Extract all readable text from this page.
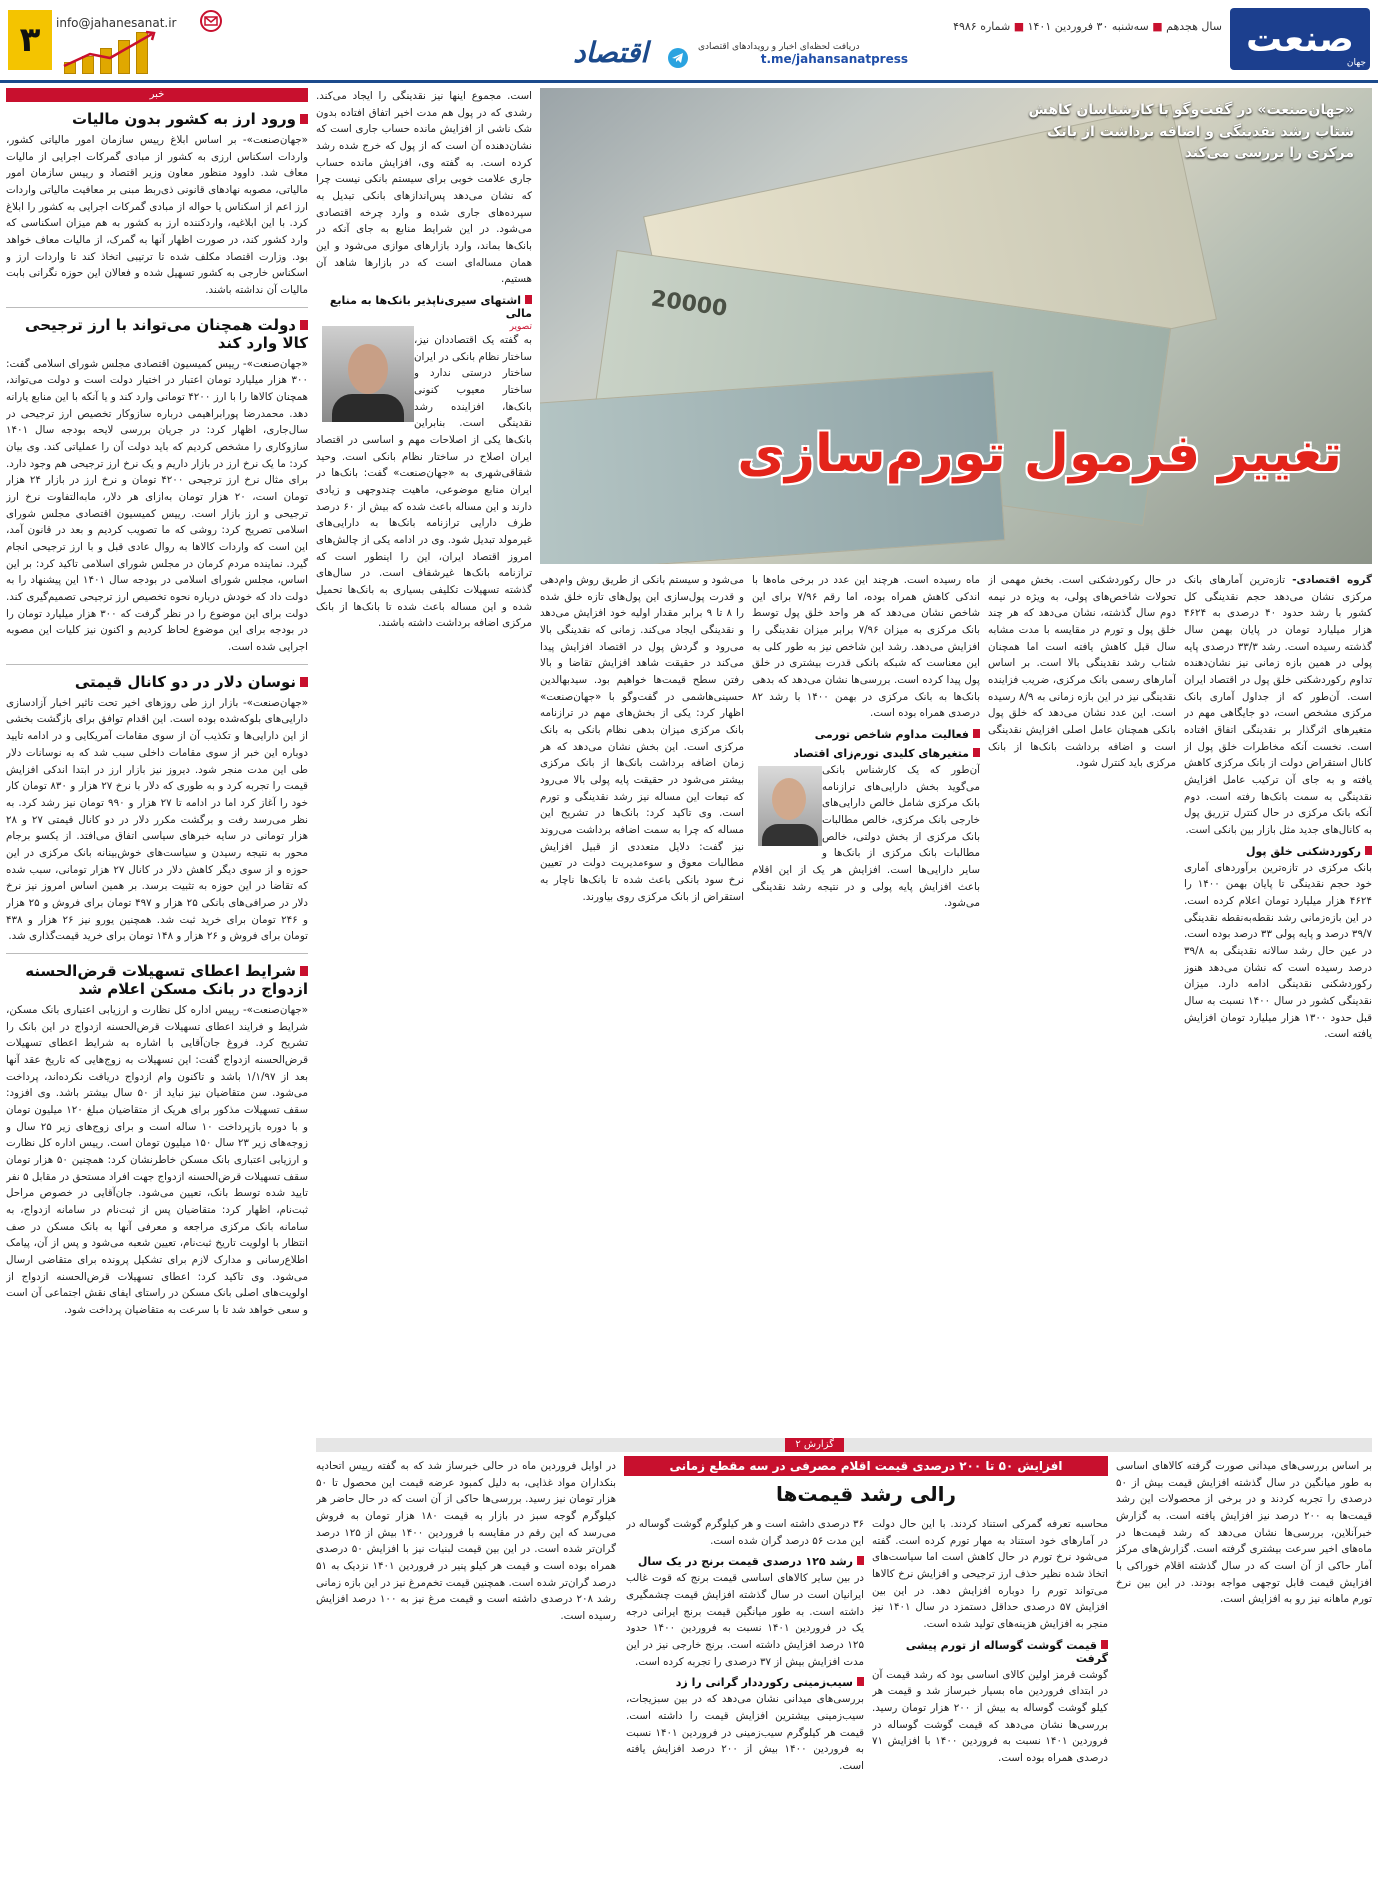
صنعت
جهان
سال هجدهم ■ سه‌شنبه ۳۰ فروردین ۱۴۰۱ ■ شماره ۴۹۸۶
دریافت لحظه‌ای اخبار و رویدادهای اقتصادی
t.me/jahansanatpress
اقتصاد
info@jahanesanat.ir
۳
خبر
ورود ارز به کشور بدون مالیات
«جهان‌صنعت»- بر اساس ابلاغ رییس سازمان امور مالیاتی کشور، واردات اسکناس ارزی به کشور از مبادی گمرکات اجرایی از مالیات معاف شد. داوود منظور معاون وزیر اقتصاد و رییس سازمان امور مالیاتی، مصوبه نهادهای قانونی ذی‌ربط مبنی بر معافیت مالیاتی واردات ارز اعم از اسکناس یا حواله از مبادی گمرکات اجرایی به کشور را ابلاغ کرد. با این ابلاغیه، وارد‌کننده ارز به کشور به هم میزان اسکناسی که وارد کشور کند، در صورت اظهار آنها به گمرک، از مالیات معاف خواهد بود. وزارت اقتصاد مکلف شده تا ترتیبی اتخاذ کند تا واردات ارز و اسکناس خارجی به کشور تسهیل شده و فعالان این حوزه نگرانی بابت مالیات آن نداشته باشند.
دولت همچنان می‌تواند با ارز ترجیحی کالا وارد کند
«جهان‌صنعت»- رییس کمیسیون اقتصادی مجلس شورای اسلامی گفت: ۳۰۰ هزار میلیارد تومان اعتبار در اختیار دولت است و دولت می‌تواند، همچنان کالاها را با ارز ۴۲۰۰ تومانی وارد کند و یا آنکه با این منابع یارانه دهد. محمدرضا پورابراهیمی درباره سازوکار تخصیص ارز ترجیحی در سال‌جاری، اظهار کرد: در جریان بررسی لایحه بودجه سال ۱۴۰۱ سازوکاری را مشخص کردیم که باید دولت آن را عملیاتی کند. وی بیان کرد: ما یک نرخ ارز در بازار داریم و یک نرخ ارز ترجیحی هم وجود دارد. برای مثال نرخ ارز ترجیحی ۴۲۰۰ تومان و نرخ ارز در بازار ۲۴ هزار تومان است، ۲۰ هزار تومان به‌ازای هر دلار، مابه‌التفاوت نرخ ارز ترجیحی و ارز بازار است. رییس کمیسیون اقتصادی مجلس شورای اسلامی تصریح کرد: روشی که ما تصویب کردیم و بعد در قانون آمد، این است که واردات کالاها به روال عادی قبل و با ارز ترجیحی انجام گیرد. نماینده مردم کرمان در مجلس شورای اسلامی تاکید کرد: بر این اساس، مجلس شورای اسلامی در بودجه سال ۱۴۰۱ این پیشنهاد را به دولت داد که خودش درباره نحوه تخصیص ارز ترجیحی تصمیم‌گیری کند. دولت برای این موضوع را در نظر گرفت که ۳۰۰ هزار میلیارد تومان را در بودجه برای این موضوع لحاظ کردیم و اکنون نیز کلیات این مصوبه اجرایی شده است.
نوسان دلار در دو کانال قیمتی
«جهان‌صنعت»- بازار ارز طی روزهای اخیر تحت تاثیر اخبار آزادسازی دارایی‌های بلوکه‌شده بوده است. این اقدام توافق برای بازگشت بخشی از این دارایی‌ها و تکذیب آن از سوی مقامات آمریکایی و در ادامه تایید دوباره این خبر از سوی مقامات داخلی سبب شد که به نوسانات دلار طی این مدت منجر شود. دیروز نیز بازار ارز در ابتدا اندکی افزایش قیمت را تجربه کرد و به طوری که دلار با نرخ ۲۷ هزار و ۸۳۰ تومان کار خود را آغاز کرد اما در ادامه تا ۲۷ هزار و ۹۹۰ تومان نیز رشد کرد. به نظر می‌رسد رفت و برگشت مکرر دلار در دو کانال قیمتی ۲۷ و ۲۸ هزار تومانی در سایه خبرهای سیاسی اتفاق می‌افتد. از یکسو برجام محور به نتیجه رسیدن و سیاست‌های خوش‌بینانه بانک مرکزی در این حوزه و از سوی دیگر کاهش دلار در کانال ۲۷ هزار تومانی، سبب شده که تقاضا در این حوزه به تثبیت برسد. بر همین اساس امروز نیز نرخ دلار در صرافی‌های بانکی ۲۵ هزار و ۴۹۷ تومان برای فروش و ۲۵ هزار و ۲۴۶ تومان برای خرید ثبت شد. همچنین یورو نیز ۲۶ هزار و ۴۳۸ تومان برای فروش و ۲۶ هزار و ۱۴۸ تومان برای خرید قیمت‌گذاری شد.
شرایط اعطای تسهیلات قرض‌الحسنه ازدواج در بانک مسکن اعلام شد
«جهان‌صنعت»- رییس اداره کل نظارت و ارزیابی اعتباری بانک مسکن، شرایط و فرایند اعطای تسهیلات قرض‌الحسنه ازدواج در این بانک را تشریح کرد. فروغ جان‌آقایی با اشاره به شرایط اعطای تسهیلات قرض‌الحسنه ازدواج گفت: این تسهیلات به زوج‌هایی که تاریخ عقد آنها بعد از ۱/۱/۹۷ باشد و تاکنون وام ازدواج دریافت نکرده‌اند، پرداخت می‌شود. سن متقاضیان نیز نباید از ۵۰ سال بیشتر باشد. وی افزود: سقف تسهیلات مذکور برای هریک از متقاضیان مبلغ ۱۲۰ میلیون تومان و با دوره بازپرداخت ۱۰ ساله است و برای زوج‌های زیر ۲۵ سال و زوجه‌های زیر ۲۳ سال ۱۵۰ میلیون تومان است. رییس اداره کل نظارت و ارزیابی اعتباری بانک مسکن خاطرنشان کرد: همچنین ۵۰ هزار تومان سقف تسهیلات قرض‌الحسنه ازدواج جهت افراد مستحق در مقابل ۵ نفر تایید شده توسط بانک، تعیین می‌شود. جان‌آقایی در خصوص مراحل ثبت‌نام، اظهار کرد: متقاضیان پس از ثبت‌نام در سامانه ازدواج، به سامانه بانک مرکزی مراجعه و معرفی آنها به بانک مسکن در صف انتظار با اولویت تاریخ ثبت‌نام، تعیین شعبه می‌شود و پس از آن، پیامک اطلاع‌رسانی و مدارک لازم برای تشکیل پرونده برای متقاضی ارسال می‌شود. وی تاکید کرد: اعطای تسهیلات قرض‌الحسنه ازدواج از اولویت‌های اصلی بانک مسکن در راستای ایفای نقش اجتماعی آن است و سعی خواهد شد تا با سرعت به متقاضیان پرداخت شود.
است. مجموع اینها نیز نقدینگی را ایجاد می‌کند. رشدی که در پول هم مدت اخیر اتفاق افتاده بدون شک ناشی از افزایش مانده حساب جاری است که نشان‌دهنده آن است که از پول که خرج شده رشد کرده است. به گفته وی، افزایش مانده حساب جاری علامت خوبی برای سیستم بانکی نیست چرا که نشان می‌دهد پس‌اندازهای بانکی تبدیل به سپرده‌های جاری شده و وارد چرخه اقتصادی می‌شود. در این شرایط منابع به جای آنکه در بانک‌ها بماند، وارد بازارهای موازی می‌شود و این همان مساله‌ای است که در بازارها شاهد آن هستیم.
اشتهای سیری‌ناپذیر بانک‌ها به منابع مالی
تصویر
به گفته یک اقتصاددان نیز، ساختار نظام بانکی در ایران ساختار درستی ندارد و ساختار معیوب کنونی بانک‌ها، افزاینده رشد نقدینگی است. بنابراین بانک‌ها یکی از اصلاحات مهم و اساسی در اقتصاد ایران اصلاح در ساختار نظام بانکی است. وحید شقاقی‌شهری به «جهان‌صنعت» گفت: بانک‌ها در ایران منابع موضوعی، ماهیت چندوجهی و زیادی دارند و این مساله باعث شده که بیش از ۶۰ درصد طرف دارایی ترازنامه بانک‌ها به دارایی‌های غیرمولد تبدیل شود. وی در ادامه یکی از چالش‌های امروز اقتصاد ایران، این را اینطور است که ترازنامه بانک‌ها غیرشفاف است. در سال‌های گذشته تسهیلات تکلیفی بسیاری به بانک‌ها تحمیل شده و این مساله باعث شده تا بانک‌ها از بانک مرکزی اضافه برداشت داشته باشند.
20000
«جهان‌صنعت» در گفت‌وگو با کارشناسان کاهش شتاب رشد نقدینگی و اضافه برداشت از بانک مرکزی را بررسی می‌کند
تغییر فرمول تورم‌سازی
گروه اقتصادی- تازه‌ترین آمارهای بانک مرکزی نشان می‌دهد حجم نقدینگی کل کشور با رشد حدود ۴۰ درصدی به ۴۶۲۴ هزار میلیارد تومان در پایان بهمن سال گذشته رسیده است. رشد ۳۳/۳ درصدی پایه پولی در همین بازه زمانی نیز نشان‌دهنده تداوم رکوردشکنی خلق پول در اقتصاد ایران است. آن‌طور که از جداول آماری بانک مرکزی مشخص است، دو جایگاهی مهم در متغیرهای اثرگذار بر نقدینگی اتفاق افتاده است. نخست آنکه مخاطرات خلق پول از کانال استقراض دولت از بانک مرکزی کاهش یافته و به جای آن ترکیب عامل افزایش نقدینگی به سمت بانک‌ها رفته است. دوم آنکه بانک مرکزی در حال کنترل تزریق پول به کانال‌های جدید مثل بازار بین بانکی است.
رکوردشکنی خلق پول
بانک مرکزی در تازه‌ترین برآوردهای آماری خود حجم نقدینگی تا پایان بهمن ۱۴۰۰ را ۴۶۲۴ هزار میلیارد تومان اعلام کرده است. در این بازه‌زمانی رشد نقطه‌به‌نقطه نقدینگی ۳۹/۷ درصد و پایه پولی ۳۳ درصد بوده است. در عین حال رشد سالانه نقدینگی به ۳۹/۸ درصد رسیده است که نشان می‌دهد هنوز رکوردشکنی نقدینگی ادامه دارد. میزان نقدینگی کشور در سال ۱۴۰۰ نسبت به سال قبل حدود ۱۳۰۰ هزار میلیارد تومان افزایش یافته است.
در حال رکوردشکنی است. بخش مهمی از تحولات شاخص‌های پولی، به ویژه در نیمه دوم سال گذشته، نشان می‌دهد که هر چند خلق پول و تورم در مقایسه با مدت مشابه سال قبل کاهش یافته است اما همچنان شتاب رشد نقدینگی بالا است. بر اساس آمارهای رسمی بانک مرکزی، ضریب فزاینده نقدینگی نیز در این بازه زمانی به ۸/۹ رسیده است. این عدد نشان می‌دهد که خلق پول بانکی همچنان عامل اصلی افزایش نقدینگی است و اضافه برداشت بانک‌ها از بانک مرکزی باید کنترل شود.
ماه رسیده است. هرچند این عدد در برخی ماه‌ها با اندکی کاهش همراه بوده، اما رقم ۷/۹۶ برای این شاخص نشان می‌دهد که هر واحد خلق پول توسط بانک مرکزی به میزان ۷/۹۶ برابر میزان نقدینگی را افزایش می‌دهد. رشد این شاخص نیز به طور کلی به این معناست که شبکه بانکی قدرت بیشتری در خلق پول پیدا کرده است. بررسی‌ها نشان می‌دهد که بدهی بانک‌ها به بانک مرکزی در بهمن ۱۴۰۰ با رشد ۸۲ درصدی همراه بوده است.
فعالیت مداوم شاخص تورمی
متغیرهای کلیدی تورم‌زای اقتصاد
آن‌طور که یک کارشناس بانکی می‌گوید بخش دارایی‌های ترازنامه بانک مرکزی شامل خالص دارایی‌های خارجی بانک مرکزی، خالص مطالبات بانک مرکزی از بخش دولتی، خالص مطالبات بانک مرکزی از بانک‌ها و سایر دارایی‌ها است. افزایش هر یک از این اقلام باعث افزایش پایه پولی و در نتیجه رشد نقدینگی می‌شود.
می‌شود و سیستم بانکی از طریق روش وام‌دهی و قدرت پول‌سازی این پول‌های تازه خلق شده را ۸ تا ۹ برابر مقدار اولیه خود افزایش می‌دهد و نقدینگی ایجاد می‌کند. زمانی که نقدینگی بالا می‌رود و گردش پول در اقتصاد افزایش پیدا می‌کند در حقیقت شاهد افزایش تقاضا و بالا رفتن سطح قیمت‌ها خواهیم بود. سیدبهالدین حسینی‌هاشمی در گفت‌وگو با «جهان‌صنعت» اظهار کرد: یکی از بخش‌های مهم در ترازنامه بانک مرکزی میزان بدهی نظام بانکی به بانک مرکزی است. این بخش نشان می‌دهد که هر زمان اضافه برداشت بانک‌ها از بانک مرکزی بیشتر می‌شود در حقیقت پایه پولی بالا می‌رود که تبعات این مساله نیز رشد نقدینگی و تورم است. وی تاکید کرد: بانک‌ها در تشریح این مساله که چرا به سمت اضافه برداشت می‌روند نیز گفت: دلایل متعددی از قبیل افزایش مطالبات معوق و سوءمدیریت دولت در تعیین نرخ سود بانکی باعث شده تا بانک‌ها ناچار به استقراض از بانک مرکزی روی بیاورند.
گزارش ۲
افزایش ۵۰ تا ۲۰۰ درصدی قیمت اقلام مصرفی در سه مقطع زمانی
رالی رشد قیمت‌ها
بر اساس بررسی‌های میدانی صورت گرفته کالاهای اساسی به طور میانگین در سال گذشته افزایش قیمت بیش از ۵۰ درصدی را تجربه کردند و در برخی از محصولات این رشد قیمت‌ها به ۲۰۰ درصد نیز افزایش یافته است. به گزارش خبرآنلاین، بررسی‌ها نشان می‌دهد که رشد قیمت‌ها در ماه‌های اخیر سرعت بیشتری گرفته است. گزارش‌های مرکز آمار حاکی از آن است که در سال گذشته اقلام خوراکی با افزایش قیمت قابل توجهی مواجه بودند. در این بین نرخ تورم ماهانه نیز رو به افزایش است.
محاسبه تعرفه گمرکی استناد کردند. با این حال دولت در آمارهای خود استناد به مهار تورم کرده است. گفته می‌شود نرخ تورم در حال کاهش است اما سیاست‌های اتخاذ شده نظیر حذف ارز ترجیحی و افزایش نرخ کالاها می‌تواند تورم را دوباره افزایش دهد. در این بین افزایش ۵۷ درصدی حداقل دستمزد در سال ۱۴۰۱ نیز منجر به افزایش هزینه‌های تولید شده است.
قیمت گوشت گوساله از تورم پیشی گرفت
گوشت قرمز اولین کالای اساسی بود که رشد قیمت آن در ابتدای فروردین ماه بسیار خبرساز شد و قیمت هر کیلو گوشت گوساله به بیش از ۲۰۰ هزار تومان رسید. بررسی‌ها نشان می‌دهد که قیمت گوشت گوساله در فروردین ۱۴۰۱ نسبت به فروردین ۱۴۰۰ با افزایش ۷۱ درصدی همراه بوده است.
۳۶ درصدی داشته است و هر کیلوگرم گوشت گوساله در این مدت ۵۶ درصد گران شده است.
رشد ۱۲۵ درصدی قیمت برنج در یک سال
در بین سایر کالاهای اساسی قیمت برنج که قوت غالب ایرانیان است در سال گذشته افزایش قیمت چشمگیری داشته است. به طور میانگین قیمت برنج ایرانی درجه یک در فروردین ۱۴۰۱ نسبت به فروردین ۱۴۰۰ حدود ۱۲۵ درصد افزایش داشته است. برنج خارجی نیز در این مدت افزایش بیش از ۳۷ درصدی را تجربه کرده است.
سیب‌زمینی رکورددار گرانی را زد
بررسی‌های میدانی نشان می‌دهد که در بین سبزیجات، سیب‌زمینی بیشترین افزایش قیمت را داشته است. قیمت هر کیلوگرم سیب‌زمینی در فروردین ۱۴۰۱ نسبت به فروردین ۱۴۰۰ بیش از ۲۰۰ درصد افزایش یافته است.
در اوایل فروردین ماه در حالی خبرساز شد که به گفته رییس اتحادیه بنکداران مواد غذایی، به دلیل کمبود عرضه قیمت این محصول تا ۵۰ هزار تومان نیز رسید. بررسی‌ها حاکی از آن است که در حال حاضر هر کیلوگرم گوجه سبز در بازار به قیمت ۱۸۰ هزار تومان به فروش می‌رسد که این رقم در مقایسه با فروردین ۱۴۰۰ بیش از ۱۲۵ درصد گران‌تر شده است. در این بین قیمت لبنیات نیز با افزایش ۵۰ درصدی همراه بوده است و قیمت هر کیلو پنیر در فروردین ۱۴۰۱ نزدیک به ۵۱ درصد گران‌تر شده است. همچنین قیمت تخم‌مرغ نیز در این بازه زمانی رشد ۲۰۸ درصدی داشته است و قیمت مرغ نیز به ۱۰۰ درصد افزایش رسیده است.
